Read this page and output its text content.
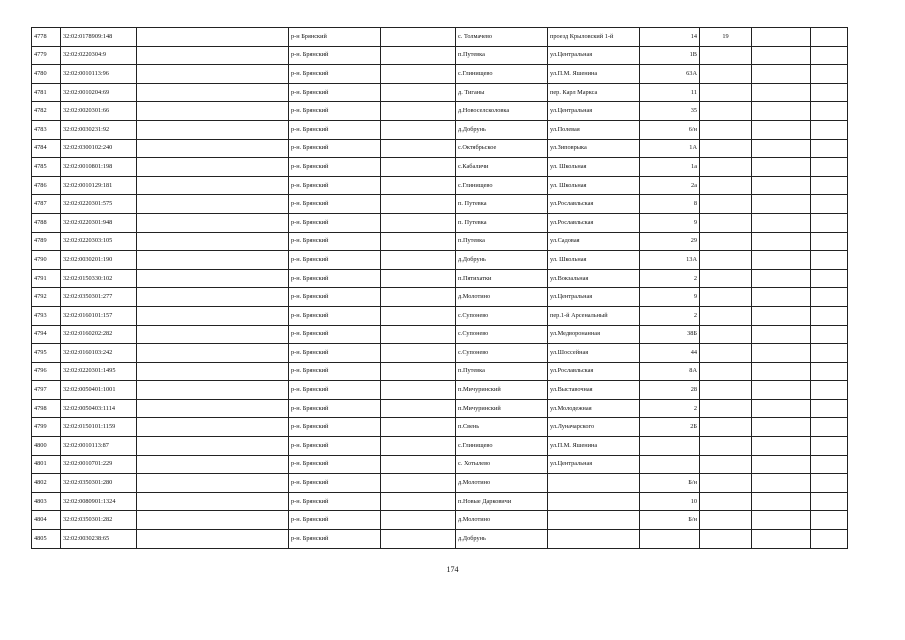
4778	32:02:0178909:148		р-н Брянский		с. Толмачево	проезд Крыловский 1-й	14	19		
4779	32:02:0220304:9		р-н. Брянский		п.Путевка	ул.Центральная	1В			
4780	32:02:0010113:96		р-н. Брянский		с.Глинищево	ул.П.М. Яшенина	63А			
4781	32:02:0010204:69		р-н. Брянский		д. Тиганы	пер. Карл Маркса	11			
4782	32:02:0020301:66		р-н. Брянский		д.Новоселсколовка	ул.Центральная	35			
4783	32:02:0030231:92		р-н. Брянский		д.Добрунь	ул.Полевая	6/н			
4784	32:02:0300102:240		р-н. Брянский		с.Октябрьское	ул.Зиповрыка	1А			
4785	32:02:0010801:198		р-н. Брянский		с.Кабаличи	ул. Школьная	1а			
4786	32:02:0010129:181		р-н. Брянский		с.Глинищево	ул. Школьная	2а			
4787	32:02:0220301:575		р-н. Брянский		п. Путевка	ул.Рославльская	8			
4788	32:02:0220301:948		р-н. Брянский		п. Путевка	ул.Рославльская	9			
4789	32:02:0220303:105		р-н. Брянский		п.Путевка	ул.Садовая	29			
4790	32:02:0030201:190		р-н. Брянский		д.Добрунь	ул. Школьная	13А			
4791	32:02:0150330:102		р-н. Брянский		п.Пятихатки	ул.Вокзальная	2			
4792	32:02:0350301:277		р-н. Брянский		д.Молотино	ул.Центральная	9			
4793	32:02:0160101:157		р-н. Брянский		с.Супонево	пер.1-й Арсенальный	2			
4794	32:02:0160202:282		р-н. Брянский		с.Супонево	ул.Медворонанная	38Б			
4795	32:02:0160103:242		р-н. Брянский		с.Супонево	ул.Шоссейная	44			
4796	32:02:0220301:1495		р-н. Брянский		п.Путевка	ул.Рославльская	8А			
4797	32:02:0050401:1001		р-н. Брянский		п.Мичуринский	ул.Выставочная	28			
4798	32:02:0050403:1114		р-н. Брянский		п.Мичуринский	ул.Молодежная	2			
4799	32:02:0150101:1159		р-н. Брянский		п.Свень	ул.Луначарского	2Б			
4800	32:02:0010113:87		р-н. Брянский		с.Глинищево	ул.П.М. Яшенина				
4801	32:02:0010701:229		р-н. Брянский		с. Хотылево	ул.Центральная				
4802	32:02:0350301:280		р-н. Брянский		д.Молотино		Б/н			
4803	32:02:0080901:1324		р-н. Брянский		п.Новые Дарковичи		10			
4804	32:02:0350301:282		р-н. Брянский		д.Молотино		Б/н			
4805	32:02:0030238:65		р-н. Брянский		д.Добрунь					
174
